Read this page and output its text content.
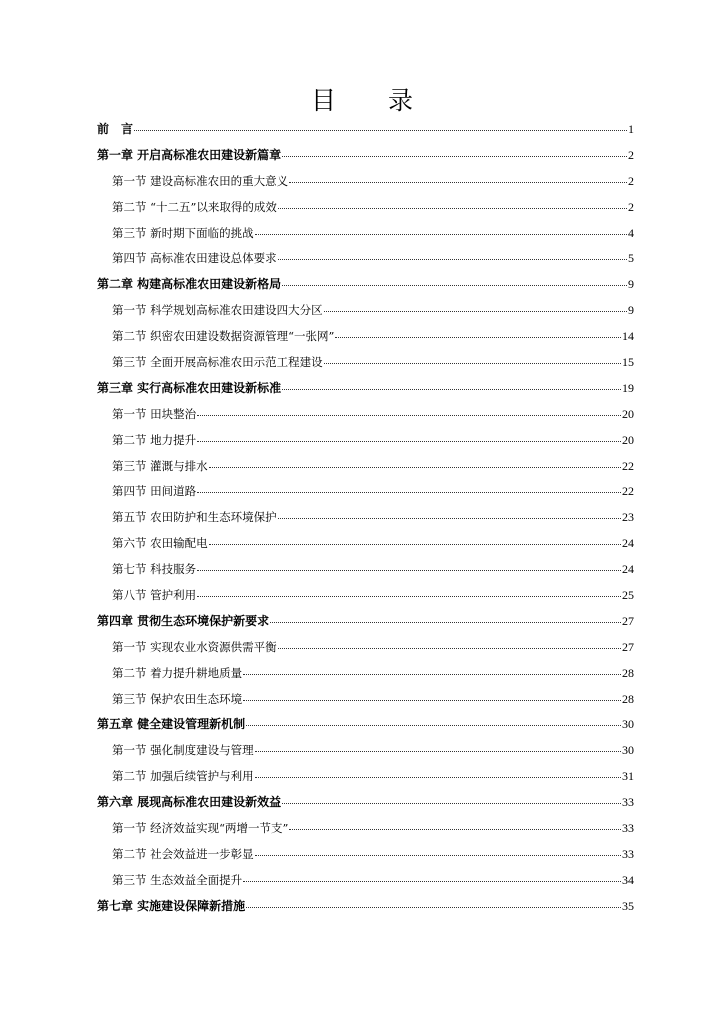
目 录
前　言	1
第一章 开启高标准农田建设新篇章	2
第一节 建设高标准农田的重大意义	2
第二节 “十二五”以来取得的成效	2
第三节 新时期下面临的挑战	4
第四节 高标准农田建设总体要求	5
第二章 构建高标准农田建设新格局	9
第一节 科学规划高标准农田建设四大分区	9
第二节 织密农田建设数据资源管理“一张网”	14
第三节 全面开展高标准农田示范工程建设	15
第三章 实行高标准农田建设新标准	19
第一节 田块整治	20
第二节 地力提升	20
第三节 灌溉与排水	22
第四节 田间道路	22
第五节 农田防护和生态环境保护	23
第六节 农田输配电	24
第七节 科技服务	24
第八节 管护利用	25
第四章 贯彻生态环境保护新要求	27
第一节 实现农业水资源供需平衡	27
第二节 着力提升耕地质量	28
第三节 保护农田生态环境	28
第五章 健全建设管理新机制	30
第一节 强化制度建设与管理	30
第二节 加强后续管护与利用	31
第六章 展现高标准农田建设新效益	33
第一节 经济效益实现“两增一节支”	33
第二节 社会效益进一步彰显	33
第三节 生态效益全面提升	34
第七章 实施建设保障新措施	35
